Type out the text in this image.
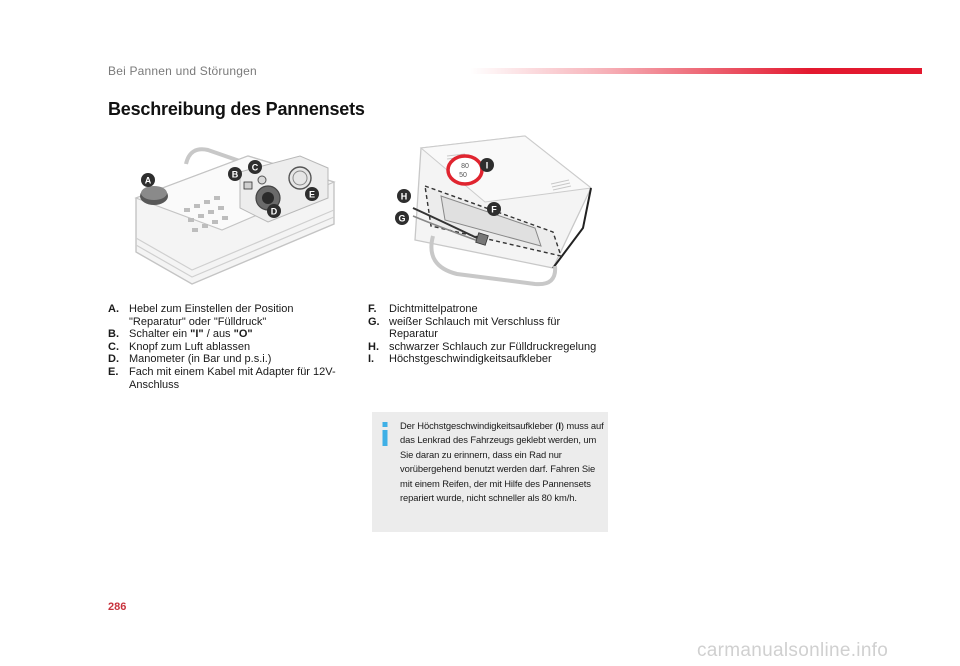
Bei Pannen und Störungen
Beschreibung des Pannensets
A
B
C
D
E
80
50
I
H
F
G
A. Hebel zum Einstellen der Position "Reparatur" oder "Fülldruck"
B. Schalter ein "I" / aus "O"
C. Knopf zum Luft ablassen
D. Manometer (in Bar und p.s.i.)
E. Fach mit einem Kabel mit Adapter für 12V-Anschluss
F.	Dichtmittelpatrone
G. weißer Schlauch mit Verschluss für Reparatur
H. schwarzer Schlauch zur Fülldruckregelung
I.	Höchstgeschwindigkeitsaufkleber
Der Höchstgeschwindigkeitsaufkleber (I) muss auf das Lenkrad des Fahrzeugs geklebt werden, um Sie daran zu erinnern, dass ein Rad nur vorübergehend benutzt werden darf. Fahren Sie mit einem Reifen, der mit Hilfe des Pannensets repariert wurde, nicht schneller als 80 km/h.
286
carmanualsonline.info
